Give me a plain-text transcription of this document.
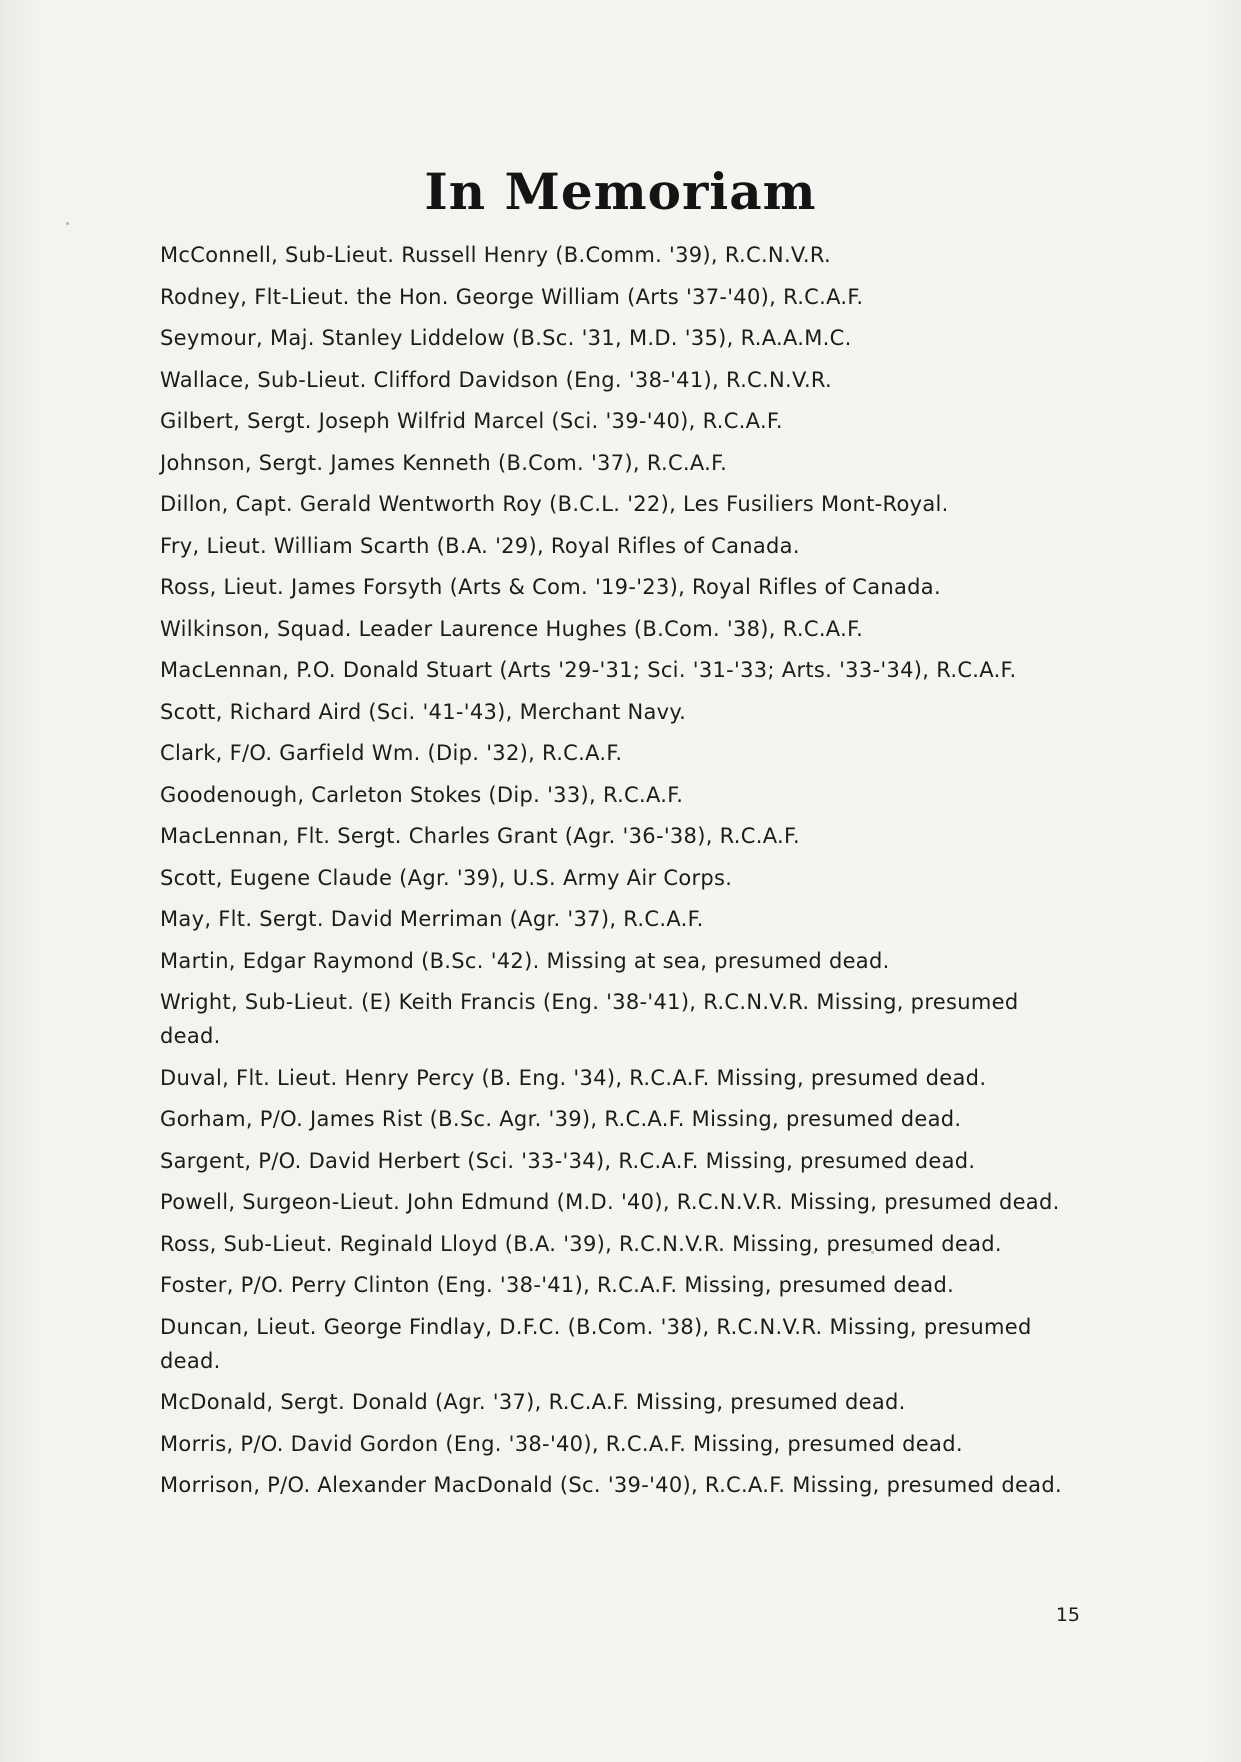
In Memoriam
McConnell, Sub-Lieut. Russell Henry (B.Comm. '39), R.C.N.V.R.
Rodney, Flt-Lieut. the Hon. George William (Arts '37-'40), R.C.A.F.
Seymour, Maj. Stanley Liddelow (B.Sc. '31, M.D. '35), R.A.A.M.C.
Wallace, Sub-Lieut. Clifford Davidson (Eng. '38-'41), R.C.N.V.R.
Gilbert, Sergt. Joseph Wilfrid Marcel (Sci. '39-'40), R.C.A.F.
Johnson, Sergt. James Kenneth (B.Com. '37), R.C.A.F.
Dillon, Capt. Gerald Wentworth Roy (B.C.L. '22), Les Fusiliers Mont-Royal.
Fry, Lieut. William Scarth (B.A. '29), Royal Rifles of Canada.
Ross, Lieut. James Forsyth (Arts & Com. '19-'23), Royal Rifles of Canada.
Wilkinson, Squad. Leader Laurence Hughes (B.Com. '38), R.C.A.F.
MacLennan, P.O. Donald Stuart (Arts '29-'31; Sci. '31-'33; Arts. '33-'34), R.C.A.F.
Scott, Richard Aird (Sci. '41-'43), Merchant Navy.
Clark, F/O. Garfield Wm. (Dip. '32), R.C.A.F.
Goodenough, Carleton Stokes (Dip. '33), R.C.A.F.
MacLennan, Flt. Sergt. Charles Grant (Agr. '36-'38), R.C.A.F.
Scott, Eugene Claude (Agr. '39), U.S. Army Air Corps.
May, Flt. Sergt. David Merriman (Agr. '37), R.C.A.F.
Martin, Edgar Raymond (B.Sc. '42). Missing at sea, presumed dead.
Wright, Sub-Lieut. (E) Keith Francis (Eng. '38-'41), R.C.N.V.R. Missing, presumed dead.
Duval, Flt. Lieut. Henry Percy (B. Eng. '34), R.C.A.F. Missing, presumed dead.
Gorham, P/O. James Rist (B.Sc. Agr. '39), R.C.A.F. Missing, presumed dead.
Sargent, P/O. David Herbert (Sci. '33-'34), R.C.A.F. Missing, presumed dead.
Powell, Surgeon-Lieut. John Edmund (M.D. '40), R.C.N.V.R. Missing, presumed dead.
Ross, Sub-Lieut. Reginald Lloyd (B.A. '39), R.C.N.V.R. Missing, presumed dead.
Foster, P/O. Perry Clinton (Eng. '38-'41), R.C.A.F. Missing, presumed dead.
Duncan, Lieut. George Findlay, D.F.C. (B.Com. '38), R.C.N.V.R. Missing, presumed dead.
McDonald, Sergt. Donald (Agr. '37), R.C.A.F. Missing, presumed dead.
Morris, P/O. David Gordon (Eng. '38-'40), R.C.A.F. Missing, presumed dead.
Morrison, P/O. Alexander MacDonald (Sc. '39-'40), R.C.A.F. Missing, presumed dead.
15
